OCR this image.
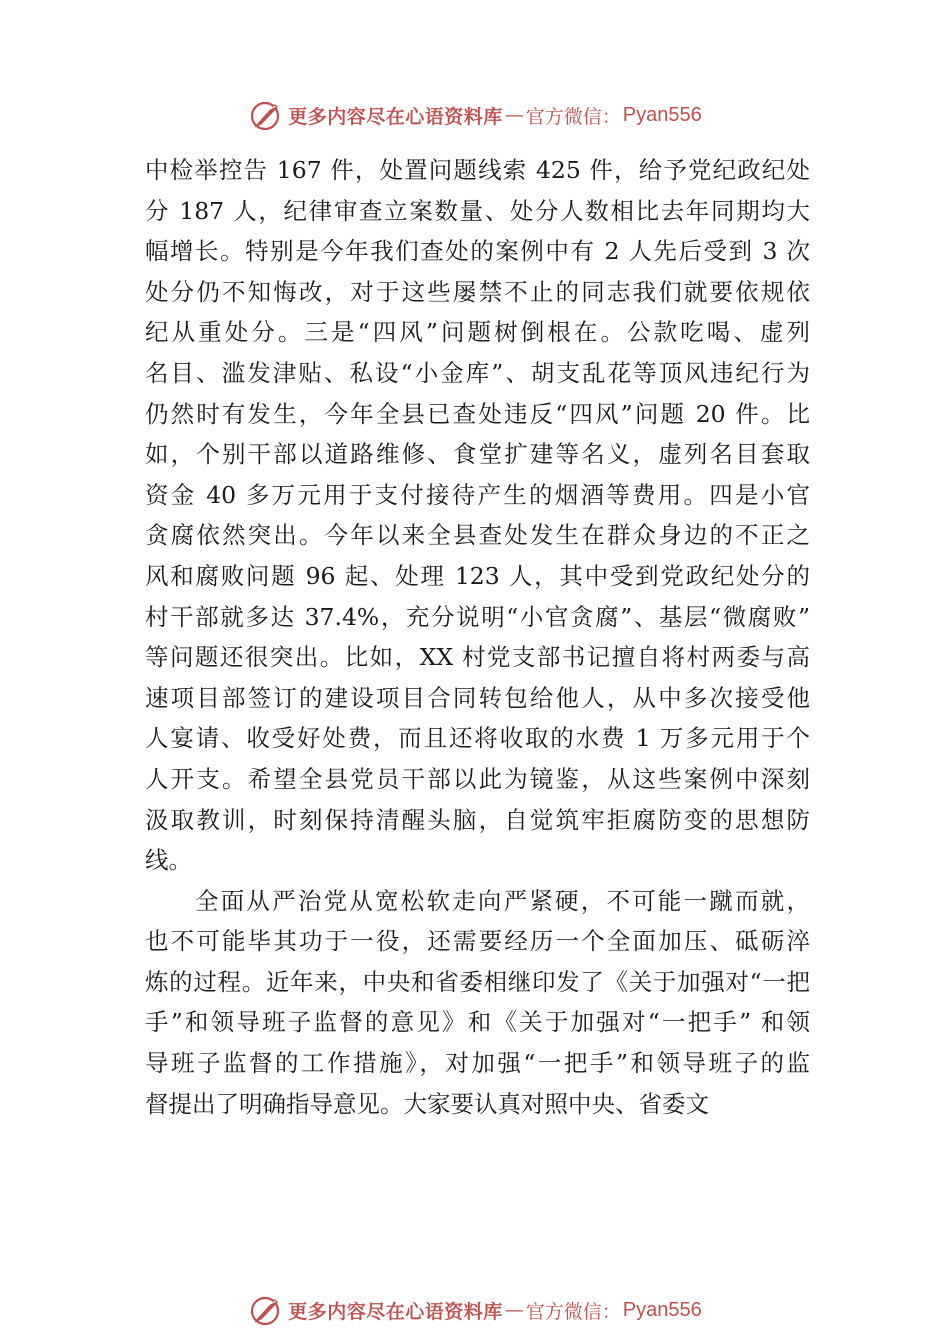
更多内容尽在心语资料库 — 官方微信： Pyan556
中检举控告 167 件，处置问题线索 425 件，给予党纪政纪处
分 187 人，纪律审查立案数量、处分人数相比去年同期均大
幅增长。特别是今年我们查处的案例中有 2 人先后受到 3 次
处分仍不知悔改，对于这些屡禁不止的同志我们就要依规依
纪从重处分。三是“四风”问题树倒根在。公款吃喝、虚列
名目、滥发津贴、私设“小金库”、胡支乱花等顶风违纪行为
仍然时有发生，今年全县已查处违反“四风”问题 20 件。比
如，个别干部以道路维修、食堂扩建等名义，虚列名目套取
资金 40 多万元用于支付接待产生的烟酒等费用。四是小官
贪腐依然突出。今年以来全县查处发生在群众身边的不正之
风和腐败问题 96 起、处理 123 人，其中受到党政纪处分的
村干部就多达 37.4%，充分说明“小官贪腐”、基层“微腐败”
等问题还很突出。比如，XX 村党支部书记擅自将村两委与高
速项目部签订的建设项目合同转包给他人，从中多次接受他
人宴请、收受好处费，而且还将收取的水费 1 万多元用于个
人开支。希望全县党员干部以此为镜鉴，从这些案例中深刻
汲取教训，时刻保持清醒头脑，自觉筑牢拒腐防变的思想防
线。
全面从严治党从宽松软走向严紧硬，不可能一蹴而就，
也不可能毕其功于一役，还需要经历一个全面加压、砥砺淬
炼的过程。近年来，中央和省委相继印发了《关于加强对“一把
手”和领导班子监督的意见》和《关于加强对“一把手” 和领
导班子监督的工作措施》，对加强“一把手”和领导班子的监
督提出了明确指导意见。大家要认真对照中央、省委文
更多内容尽在心语资料库 — 官方微信： Pyan556
